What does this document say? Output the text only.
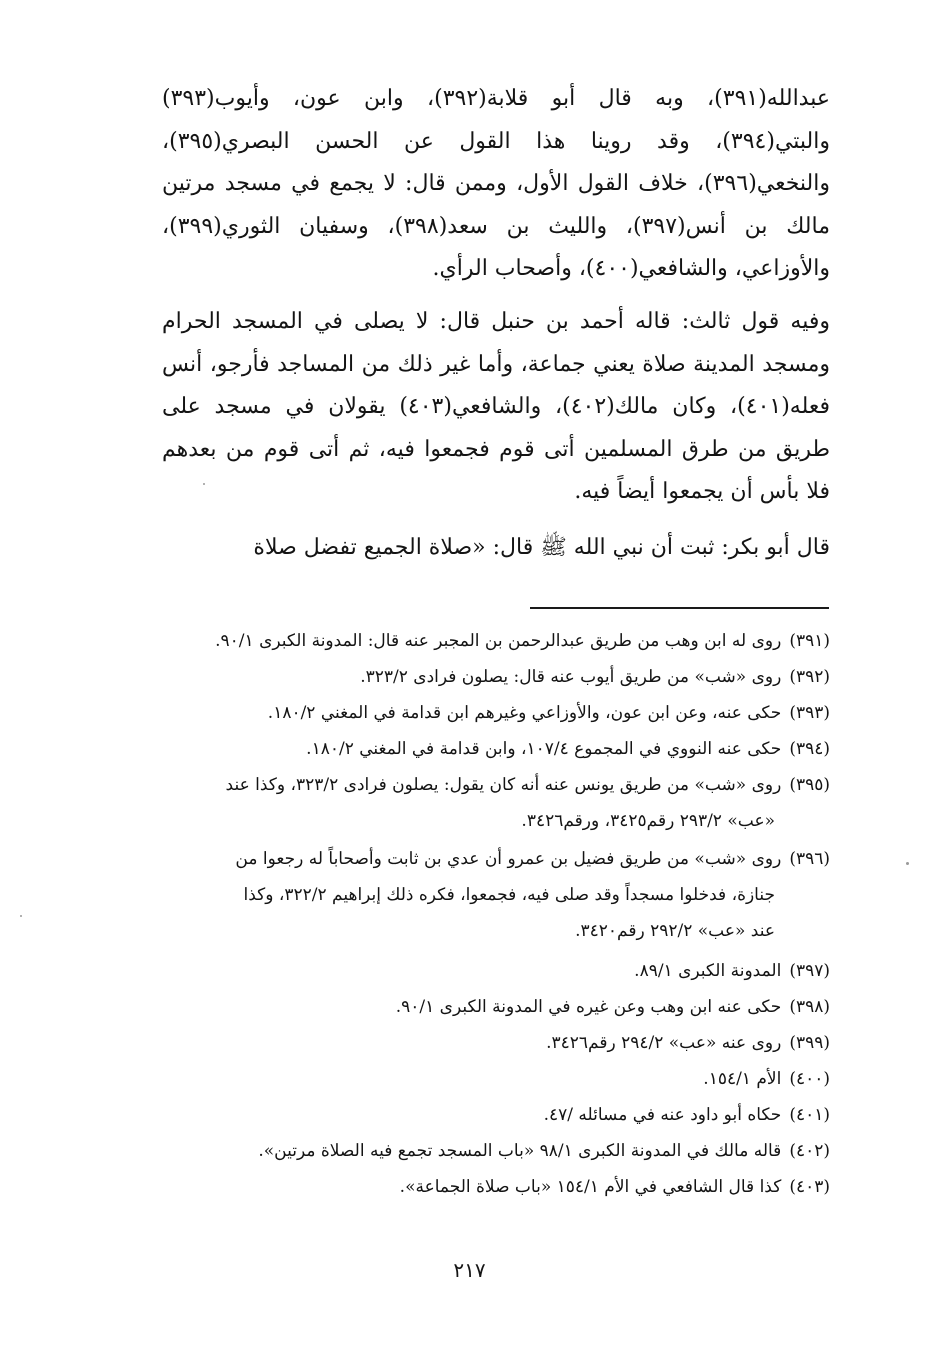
عبدالله(٣٩١)، وبه قال أبو قلابة(٣٩٢)، وابن عون، وأيوب(٣٩٣) والبتي(٣٩٤)، وقد روينا هذا القول عن الحسن البصري(٣٩٥)، والنخعي(٣٩٦)، خلاف القول الأول، وممن قال: لا يجمع في مسجد مرتين مالك بن أنس(٣٩٧)، والليث بن سعد(٣٩٨)، وسفيان الثوري(٣٩٩)، والأوزاعي، والشافعي(٤٠٠)، وأصحاب الرأي.

وفيه قول ثالث: قاله أحمد بن حنبل قال: لا يصلى في المسجد الحرام ومسجد المدينة صلاة يعني جماعة، وأما غير ذلك من المساجد فأرجو، أنس فعله(٤٠١)، وكان مالك(٤٠٢)، والشافعي(٤٠٣) يقولان في مسجد على طريق من طرق المسلمين أتى قوم فجمعوا فيه، ثم أتى قوم من بعدهم فلا بأس أن يجمعوا أيضاً فيه.

قال أبو بكر: ثبت أن نبي الله ﷺ قال: «صلاة الجميع تفضل صلاة

(٣٩١)روى له ابن وهب من طريق عبدالرحمن بن المجبر عنه قال: المدونة الكبرى ٩٠/١.
(٣٩٢)روى «شب» من طريق أيوب عنه قال: يصلون فرادى ٣٢٣/٢.
(٣٩٣)حكى عنه، وعن ابن عون، والأوزاعي وغيرهم ابن قدامة في المغني ١٨٠/٢.
(٣٩٤)حكى عنه النووي في المجموع ١٠٧/٤، وابن قدامة في المغني ١٨٠/٢.
(٣٩٥)روى «شب» من طريق يونس عنه أنه كان يقول: يصلون فرادى ٣٢٣/٢، وكذا عند
«عب» ٢٩٣/٢ رقم٣٤٢٥، ورقم٣٤٢٦.
(٣٩٦)روى «شب» من طريق فضيل بن عمرو أن عدي بن ثابت وأصحاباً له رجعوا من
جنازة، فدخلوا مسجداً وقد صلى فيه، فجمعوا، فكره ذلك إبراهيم ٣٢٢/٢، وكذا
عند «عب» ٢٩٢/٢ رقم٣٤٢٠.
(٣٩٧)المدونة الكبرى ٨٩/١.
(٣٩٨)حكى عنه ابن وهب وعن غيره في المدونة الكبرى ٩٠/١.
(٣٩٩)روى عنه «عب» ٢٩٤/٢ رقم٣٤٢٦.
(٤٠٠)الأم ١٥٤/١.
(٤٠١)حكاه أبو داود عنه في مسائله /٤٧.
(٤٠٢)قاله مالك في المدونة الكبرى ٩٨/١ «باب المسجد تجمع فيه الصلاة مرتين».
(٤٠٣)كذا قال الشافعي في الأم ١٥٤/١ «باب صلاة الجماعة».
٢١٧
